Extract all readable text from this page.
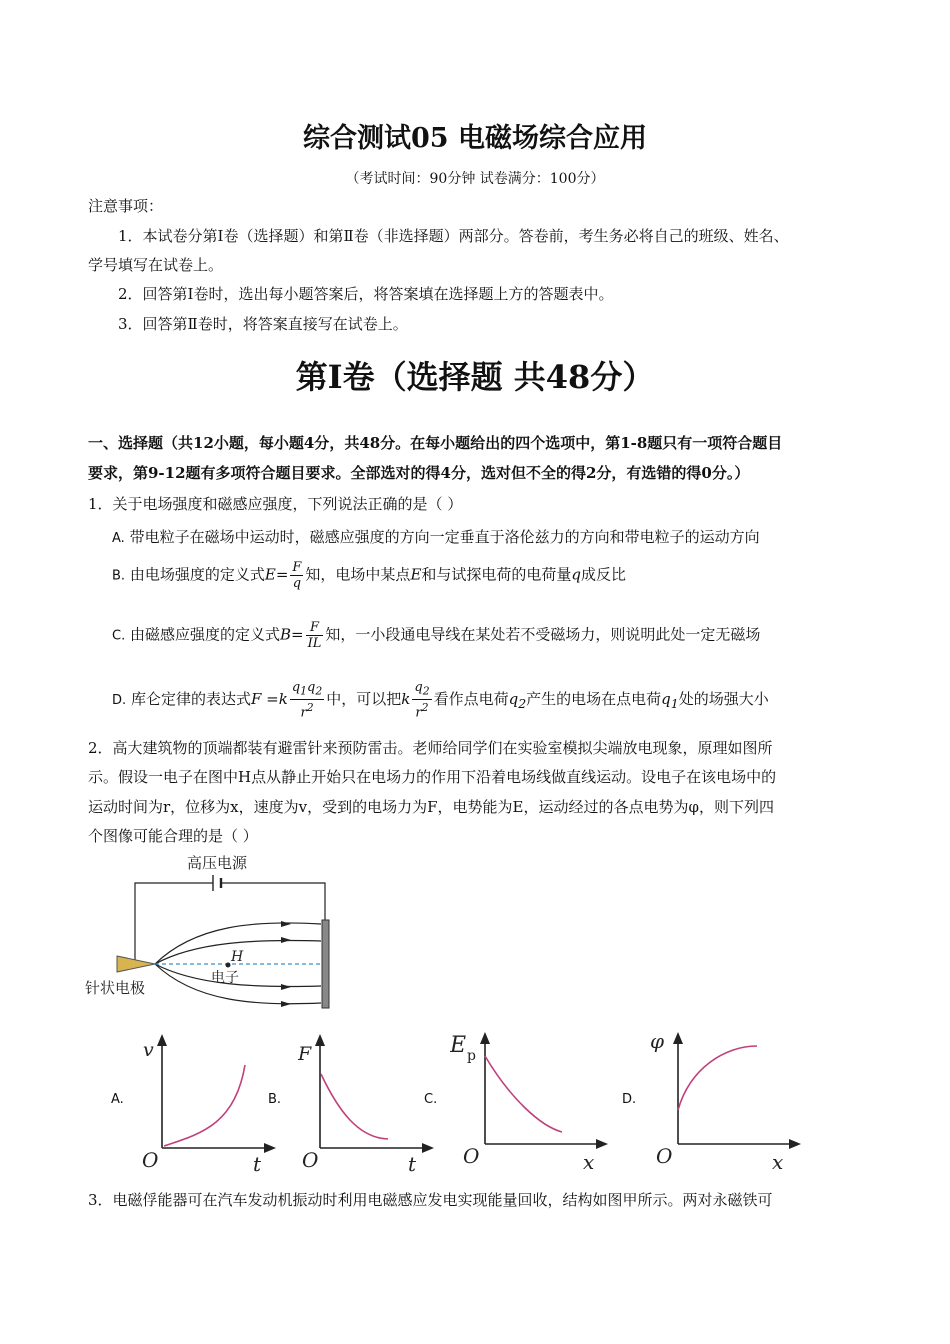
综合测试05 电磁场综合应用
（考试时间：90分钟 试卷满分：100分）
注意事项：
1．本试卷分第Ⅰ卷（选择题）和第Ⅱ卷（非选择题）两部分。答卷前，考生务必将自己的班级、姓名、
学号填写在试卷上。
2．回答第Ⅰ卷时，选出每小题答案后，将答案填在选择题上方的答题表中。
3．回答第Ⅱ卷时，将答案直接写在试卷上。
第Ⅰ卷（选择题 共48分）
一、选择题（共12小题，每小题4分，共48分。在每小题给出的四个选项中，第1-8题只有一项符合题目
要求，第9-12题有多项符合题目要求。全部选对的得4分，选对但不全的得2分，有选错的得0分。）
1．关于电场强度和磁感应强度，下列说法正确的是（ ）
A. 带电粒子在磁场中运动时，磁感应强度的方向一定垂直于洛伦兹力的方向和带电粒子的运动方向
B. 由电场强度的定义式$E= \frac{F}{q}$ 知，电场中某点E和与试探电荷的电荷量q成反比
C. 由磁感应强度的定义式$B= \frac{F}{IL}$ 知，一小段通电导线在某处若不受磁场力，则说明此处一定无磁场
D. 库仑定律的表达式$F =k \frac{q_1q_2}{r^2}$ 中，可以把k $\frac{q_2}{r^2}$ 看作点电荷$q_2$产生的电场在点电荷$q_1$处的场强大小
2．高大建筑物的顶端都装有避雷针来预防雷击。老师给同学们在实验室模拟尖端放电现象，原理如图所
示。假设一电子在图中H点从静止开始只在电场力的作用下沿着电场线做直线运动。设电子在该电场中的
运动时间为r，位移为x，速度为v，受到的电场力为F，电势能为E，运动经过的各点电势为φ，则下列四
个图像可能合理的是（ ）
高压电源
H
电子
针状电极
A.
v
O	t
B.
F
O	t
C.
E p
O	x
D.
φ
O	x
3．电磁俘能器可在汽车发动机振动时利用电磁感应发电实现能量回收，结构如图甲所示。两对永磁铁可
